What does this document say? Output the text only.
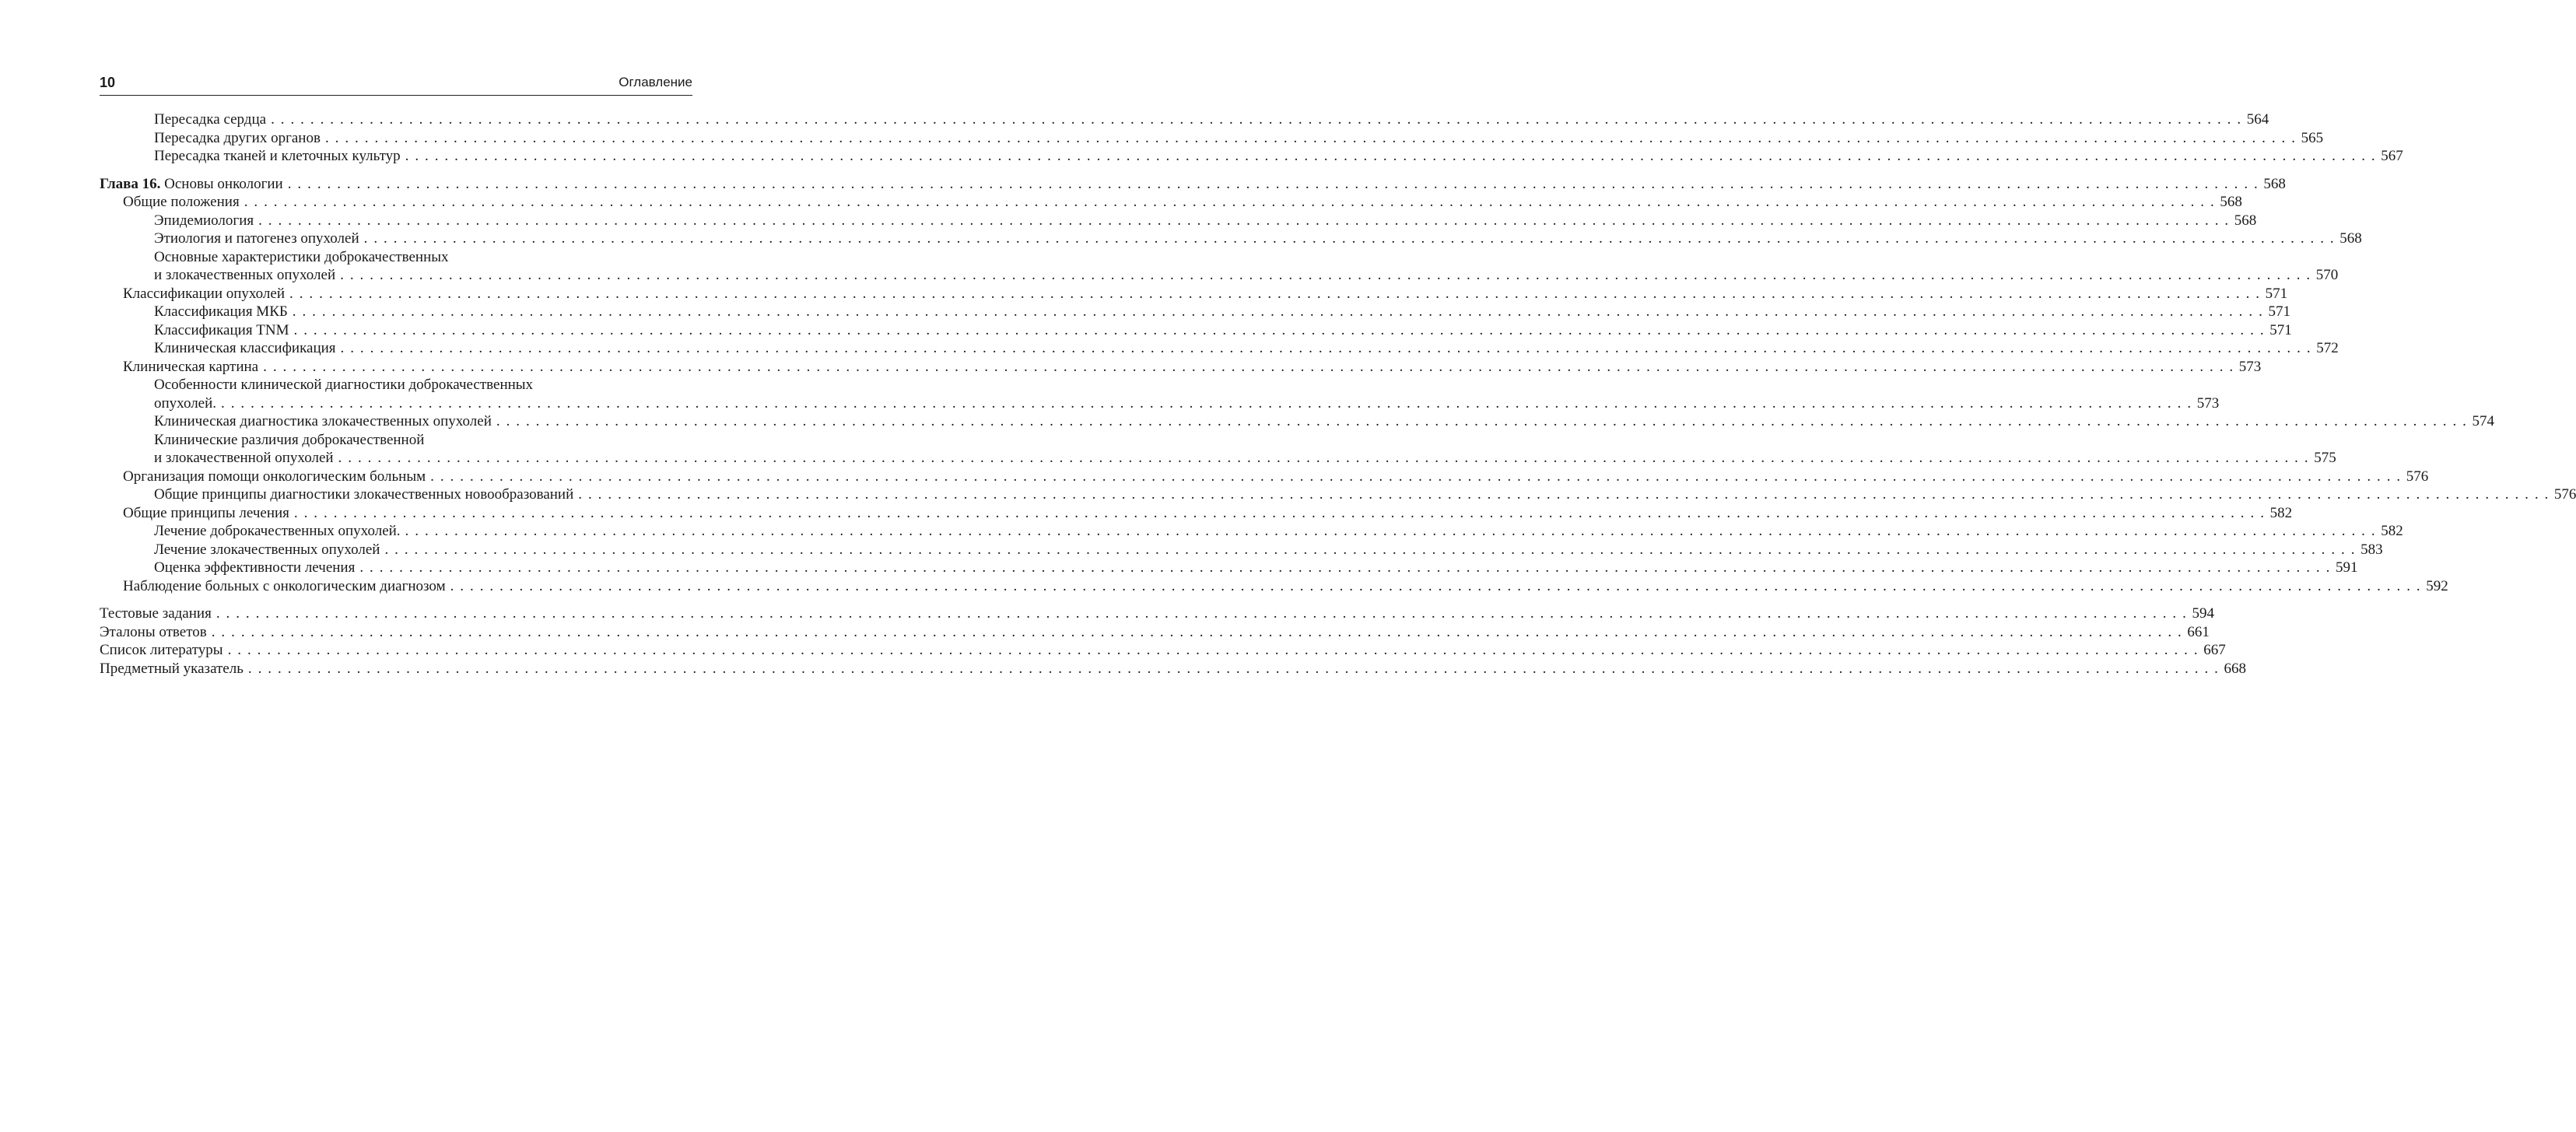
10	Оглавление
Пересадка сердца . . . . . . . . . . . . . . . . . . . . . . . . . . . . . . . . . . . . . . . . . . . . . . . . . . . . . . . . . . . . . . . . . . . . . . . . . . . . . . . . . . . . . . . . . . . . . . . . . . . . . . . . . . . . . . . . . . . . . . . . . . . . . . . . . . . . . . . . . . . . . . . . . . . . . . . . . . . . . . . . . . . . . . . . . . . . . . . . . . . . . . . . . . . . . . . . . . . . . . . . 564
Пересадка других органов . . . . . . . . . . . . . . . . . . . . . . . . . . . . . . . . . . . . . . . . . . . . . . . . . . . . . . . . . . . . . . . . . . . . . . . . . . . . . . . . . . . . . . . . . . . . . . . . . . . . . . . . . . . . . . . . . . . . . . . . . . . . . . . . . . . . . . . . . . . . . . . . . . . . . . . . . . . . . . . . . . . . . . . . . . . . . . . . . . . . . . . . . . . . . . . . . . . . . . . . 565
Пересадка тканей и клеточных культур . . . . . . . . . . . . . . . . . . . . . . . . . . . . . . . . . . . . . . . . . . . . . . . . . . . . . . . . . . . . . . . . . . . . . . . . . . . . . . . . . . . . . . . . . . . . . . . . . . . . . . . . . . . . . . . . . . . . . . . . . . . . . . . . . . . . . . . . . . . . . . . . . . . . . . . . . . . . . . . . . . . . . . . . . . . . . . . . . . . . . . . . . . . . . . . . . . . . . . . . 567
Глава 16. Основы онкологии . . . . . . . . . . . . . . . . . . . . . . . . . . . . . . . . . . . . . . . . . . . . . . . . . . . . . . . . . . . . . . . . . . . . . . . . . . . . . . . . . . . . . . . . . . . . . . . . . . . . . . . . . . . . . . . . . . . . . . . . . . . . . . . . . . . . . . . . . . . . . . . . . . . . . . . . . . . . . . . . . . . . . . . . . . . . . . . . . . . . . . . . . . . . . . . . . . . . . . . . 568
Общие положения . . . . . . . . . . . . . . . . . . . . . . . . . . . . . . . . . . . . . . . . . . . . . . . . . . . . . . . . . . . . . . . . . . . . . . . . . . . . . . . . . . . . . . . . . . . . . . . . . . . . . . . . . . . . . . . . . . . . . . . . . . . . . . . . . . . . . . . . . . . . . . . . . . . . . . . . . . . . . . . . . . . . . . . . . . . . . . . . . . . . . . . . . . . . . . . . . . . . . . . . 568
Эпидемиология . . . . . . . . . . . . . . . . . . . . . . . . . . . . . . . . . . . . . . . . . . . . . . . . . . . . . . . . . . . . . . . . . . . . . . . . . . . . . . . . . . . . . . . . . . . . . . . . . . . . . . . . . . . . . . . . . . . . . . . . . . . . . . . . . . . . . . . . . . . . . . . . . . . . . . . . . . . . . . . . . . . . . . . . . . . . . . . . . . . . . . . . . . . . . . . . . . . . . . . . 568
Этиология и патогенез опухолей . . . . . . . . . . . . . . . . . . . . . . . . . . . . . . . . . . . . . . . . . . . . . . . . . . . . . . . . . . . . . . . . . . . . . . . . . . . . . . . . . . . . . . . . . . . . . . . . . . . . . . . . . . . . . . . . . . . . . . . . . . . . . . . . . . . . . . . . . . . . . . . . . . . . . . . . . . . . . . . . . . . . . . . . . . . . . . . . . . . . . . . . . . . . . . . . . . . . . . . . 568
Основные характеристики доброкачественных
и злокачественных опухолей . . . . . . . . . . . . . . . . . . . . . . . . . . . . . . . . . . . . . . . . . . . . . . . . . . . . . . . . . . . . . . . . . . . . . . . . . . . . . . . . . . . . . . . . . . . . . . . . . . . . . . . . . . . . . . . . . . . . . . . . . . . . . . . . . . . . . . . . . . . . . . . . . . . . . . . . . . . . . . . . . . . . . . . . . . . . . . . . . . . . . . . . . . . . . . . . . . . . . . . . 570
Классификации опухолей . . . . . . . . . . . . . . . . . . . . . . . . . . . . . . . . . . . . . . . . . . . . . . . . . . . . . . . . . . . . . . . . . . . . . . . . . . . . . . . . . . . . . . . . . . . . . . . . . . . . . . . . . . . . . . . . . . . . . . . . . . . . . . . . . . . . . . . . . . . . . . . . . . . . . . . . . . . . . . . . . . . . . . . . . . . . . . . . . . . . . . . . . . . . . . . . . . . . . . . . 571
Классификация МКБ . . . . . . . . . . . . . . . . . . . . . . . . . . . . . . . . . . . . . . . . . . . . . . . . . . . . . . . . . . . . . . . . . . . . . . . . . . . . . . . . . . . . . . . . . . . . . . . . . . . . . . . . . . . . . . . . . . . . . . . . . . . . . . . . . . . . . . . . . . . . . . . . . . . . . . . . . . . . . . . . . . . . . . . . . . . . . . . . . . . . . . . . . . . . . . . . . . . . . . . . 571
Классификация TNM . . . . . . . . . . . . . . . . . . . . . . . . . . . . . . . . . . . . . . . . . . . . . . . . . . . . . . . . . . . . . . . . . . . . . . . . . . . . . . . . . . . . . . . . . . . . . . . . . . . . . . . . . . . . . . . . . . . . . . . . . . . . . . . . . . . . . . . . . . . . . . . . . . . . . . . . . . . . . . . . . . . . . . . . . . . . . . . . . . . . . . . . . . . . . . . . . . . . . . . . 571
Клиническая классификация . . . . . . . . . . . . . . . . . . . . . . . . . . . . . . . . . . . . . . . . . . . . . . . . . . . . . . . . . . . . . . . . . . . . . . . . . . . . . . . . . . . . . . . . . . . . . . . . . . . . . . . . . . . . . . . . . . . . . . . . . . . . . . . . . . . . . . . . . . . . . . . . . . . . . . . . . . . . . . . . . . . . . . . . . . . . . . . . . . . . . . . . . . . . . . . . . . . . . . . . 572
Клиническая картина . . . . . . . . . . . . . . . . . . . . . . . . . . . . . . . . . . . . . . . . . . . . . . . . . . . . . . . . . . . . . . . . . . . . . . . . . . . . . . . . . . . . . . . . . . . . . . . . . . . . . . . . . . . . . . . . . . . . . . . . . . . . . . . . . . . . . . . . . . . . . . . . . . . . . . . . . . . . . . . . . . . . . . . . . . . . . . . . . . . . . . . . . . . . . . . . . . . . . . . . 573
Особенности клинической диагностики доброкачественных
опухолей. . . . . . . . . . . . . . . . . . . . . . . . . . . . . . . . . . . . . . . . . . . . . . . . . . . . . . . . . . . . . . . . . . . . . . . . . . . . . . . . . . . . . . . . . . . . . . . . . . . . . . . . . . . . . . . . . . . . . . . . . . . . . . . . . . . . . . . . . . . . . . . . . . . . . . . . . . . . . . . . . . . . . . . . . . . . . . . . . . . . . . . . . . . . . . . . . . . . . . . . . 573
Клиническая диагностика злокачественных опухолей . . . . . . . . . . . . . . . . . . . . . . . . . . . . . . . . . . . . . . . . . . . . . . . . . . . . . . . . . . . . . . . . . . . . . . . . . . . . . . . . . . . . . . . . . . . . . . . . . . . . . . . . . . . . . . . . . . . . . . . . . . . . . . . . . . . . . . . . . . . . . . . . . . . . . . . . . . . . . . . . . . . . . . . . . . . . . . . . . . . . . . . . . . . . . . . . . . . . . . . . 574
Клинические различия доброкачественной
и злокачественной опухолей . . . . . . . . . . . . . . . . . . . . . . . . . . . . . . . . . . . . . . . . . . . . . . . . . . . . . . . . . . . . . . . . . . . . . . . . . . . . . . . . . . . . . . . . . . . . . . . . . . . . . . . . . . . . . . . . . . . . . . . . . . . . . . . . . . . . . . . . . . . . . . . . . . . . . . . . . . . . . . . . . . . . . . . . . . . . . . . . . . . . . . . . . . . . . . . . . . . . . . . . 575
Организация помощи онкологическим больным . . . . . . . . . . . . . . . . . . . . . . . . . . . . . . . . . . . . . . . . . . . . . . . . . . . . . . . . . . . . . . . . . . . . . . . . . . . . . . . . . . . . . . . . . . . . . . . . . . . . . . . . . . . . . . . . . . . . . . . . . . . . . . . . . . . . . . . . . . . . . . . . . . . . . . . . . . . . . . . . . . . . . . . . . . . . . . . . . . . . . . . . . . . . . . . . . . . . . . . . 576
Общие принципы диагностики злокачественных новообразований . . . . . . . . . . . . . . . . . . . . . . . . . . . . . . . . . . . . . . . . . . . . . . . . . . . . . . . . . . . . . . . . . . . . . . . . . . . . . . . . . . . . . . . . . . . . . . . . . . . . . . . . . . . . . . . . . . . . . . . . . . . . . . . . . . . . . . . . . . . . . . . . . . . . . . . . . . . . . . . . . . . . . . . . . . . . . . . . . . . . . . . . . . . . . . . . . . . . . . . . 576
Общие принципы лечения . . . . . . . . . . . . . . . . . . . . . . . . . . . . . . . . . . . . . . . . . . . . . . . . . . . . . . . . . . . . . . . . . . . . . . . . . . . . . . . . . . . . . . . . . . . . . . . . . . . . . . . . . . . . . . . . . . . . . . . . . . . . . . . . . . . . . . . . . . . . . . . . . . . . . . . . . . . . . . . . . . . . . . . . . . . . . . . . . . . . . . . . . . . . . . . . . . . . . . . . 582
Лечение доброкачественных опухолей. . . . . . . . . . . . . . . . . . . . . . . . . . . . . . . . . . . . . . . . . . . . . . . . . . . . . . . . . . . . . . . . . . . . . . . . . . . . . . . . . . . . . . . . . . . . . . . . . . . . . . . . . . . . . . . . . . . . . . . . . . . . . . . . . . . . . . . . . . . . . . . . . . . . . . . . . . . . . . . . . . . . . . . . . . . . . . . . . . . . . . . . . . . . . . . . . . . . . . . . . 582
Лечение злокачественных опухолей . . . . . . . . . . . . . . . . . . . . . . . . . . . . . . . . . . . . . . . . . . . . . . . . . . . . . . . . . . . . . . . . . . . . . . . . . . . . . . . . . . . . . . . . . . . . . . . . . . . . . . . . . . . . . . . . . . . . . . . . . . . . . . . . . . . . . . . . . . . . . . . . . . . . . . . . . . . . . . . . . . . . . . . . . . . . . . . . . . . . . . . . . . . . . . . . . . . . . . . . 583
Оценка эффективности лечения . . . . . . . . . . . . . . . . . . . . . . . . . . . . . . . . . . . . . . . . . . . . . . . . . . . . . . . . . . . . . . . . . . . . . . . . . . . . . . . . . . . . . . . . . . . . . . . . . . . . . . . . . . . . . . . . . . . . . . . . . . . . . . . . . . . . . . . . . . . . . . . . . . . . . . . . . . . . . . . . . . . . . . . . . . . . . . . . . . . . . . . . . . . . . . . . . . . . . . . . 591
Наблюдение больных с онкологическим диагнозом . . . . . . . . . . . . . . . . . . . . . . . . . . . . . . . . . . . . . . . . . . . . . . . . . . . . . . . . . . . . . . . . . . . . . . . . . . . . . . . . . . . . . . . . . . . . . . . . . . . . . . . . . . . . . . . . . . . . . . . . . . . . . . . . . . . . . . . . . . . . . . . . . . . . . . . . . . . . . . . . . . . . . . . . . . . . . . . . . . . . . . . . . . . . . . . . . . . . . . . . 592
Тестовые задания . . . . . . . . . . . . . . . . . . . . . . . . . . . . . . . . . . . . . . . . . . . . . . . . . . . . . . . . . . . . . . . . . . . . . . . . . . . . . . . . . . . . . . . . . . . . . . . . . . . . . . . . . . . . . . . . . . . . . . . . . . . . . . . . . . . . . . . . . . . . . . . . . . . . . . . . . . . . . . . . . . . . . . . . . . . . . . . . . . . . . . . . . . . . . . . . . . . . . . . . 594
Эталоны ответов . . . . . . . . . . . . . . . . . . . . . . . . . . . . . . . . . . . . . . . . . . . . . . . . . . . . . . . . . . . . . . . . . . . . . . . . . . . . . . . . . . . . . . . . . . . . . . . . . . . . . . . . . . . . . . . . . . . . . . . . . . . . . . . . . . . . . . . . . . . . . . . . . . . . . . . . . . . . . . . . . . . . . . . . . . . . . . . . . . . . . . . . . . . . . . . . . . . . . . . . 661
Список литературы . . . . . . . . . . . . . . . . . . . . . . . . . . . . . . . . . . . . . . . . . . . . . . . . . . . . . . . . . . . . . . . . . . . . . . . . . . . . . . . . . . . . . . . . . . . . . . . . . . . . . . . . . . . . . . . . . . . . . . . . . . . . . . . . . . . . . . . . . . . . . . . . . . . . . . . . . . . . . . . . . . . . . . . . . . . . . . . . . . . . . . . . . . . . . . . . . . . . . . . . 667
Предметный указатель . . . . . . . . . . . . . . . . . . . . . . . . . . . . . . . . . . . . . . . . . . . . . . . . . . . . . . . . . . . . . . . . . . . . . . . . . . . . . . . . . . . . . . . . . . . . . . . . . . . . . . . . . . . . . . . . . . . . . . . . . . . . . . . . . . . . . . . . . . . . . . . . . . . . . . . . . . . . . . . . . . . . . . . . . . . . . . . . . . . . . . . . . . . . . . . . . . . . . . . . 668
